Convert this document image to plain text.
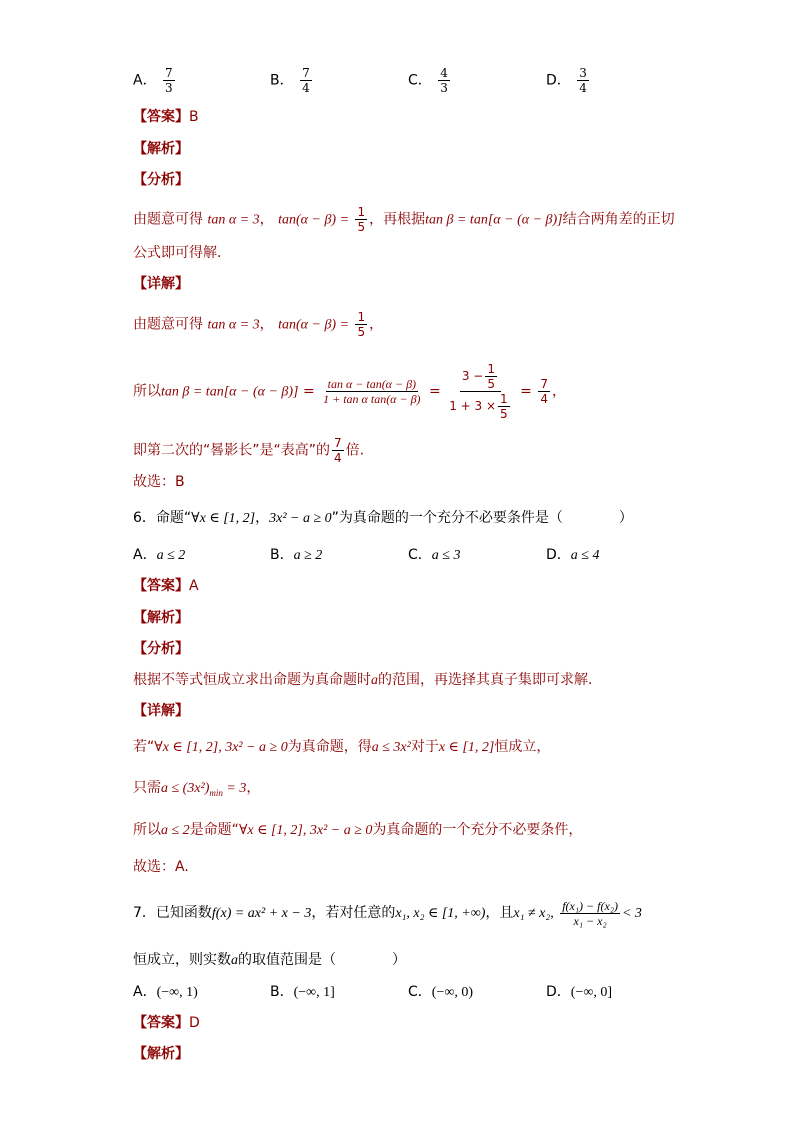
A． $\frac{7}{3}$	B． $\frac{7}{4}$	C． $\frac{4}{3}$	D． $\frac{3}{4}$
【答案】B
【解析】
【分析】
由题意可得 tan α = 3， $\tan(\alpha - \beta) = \frac{1}{5}$ ，再根据tan β = tan[α − (α − β)]结合两角差的正切
公式即可得解.
【详解】
由题意可得 tan α = 3， $\tan(\alpha - \beta) = \frac{1}{5}$ ，
所以$\tan \beta = \tan[\alpha - (\alpha - \beta)] = \frac{\text{tan α − tan(α − β)}}{\text{1 + tan α tan(α − β)}} = \frac{3 - \frac{1}{5}}{1 + 3 \times \frac{1}{5}} = \frac{7}{4}$ ，
即第二次的“晷影长”是“表高”的 $\frac{7}{4}$ 倍.
故选：B
6．命题“∀x ∈ [1, 2]，3x² − a ≥ 0”为真命题的一个充分不必要条件是（　　　　）
A．a ≤ 2	B．a ≥ 2	C．a ≤ 3	D．a ≤ 4
【答案】A
【解析】
【分析】
根据不等式恒成立求出命题为真命题时a的范围，再选择其真子集即可求解.
【详解】
若“∀x ∈ [1, 2], 3x² − a ≥ 0为真命题，得a ≤ 3x²对于x ∈ [1, 2]恒成立，
只需$a \le (3x^2)_{min} = 3$，
所以a ≤ 2是命题“∀x ∈ [1, 2], 3x² − a ≥ 0为真命题的一个充分不必要条件，
故选：A.
7．已知函数f(x) = ax² + x − 3，若对任意的x₁, x₂ ∈ [1, +∞)，且x₁ ≠ x₂, $\frac{\text{f(x₁) − f(x₂)}}{\text{x₁ − x₂}} < 3$
恒成立，则实数a的取值范围是（　　　　）
A．(−∞, 1)	B．(−∞, 1]	C．(−∞, 0)	D．(−∞, 0]
【答案】D
【解析】
